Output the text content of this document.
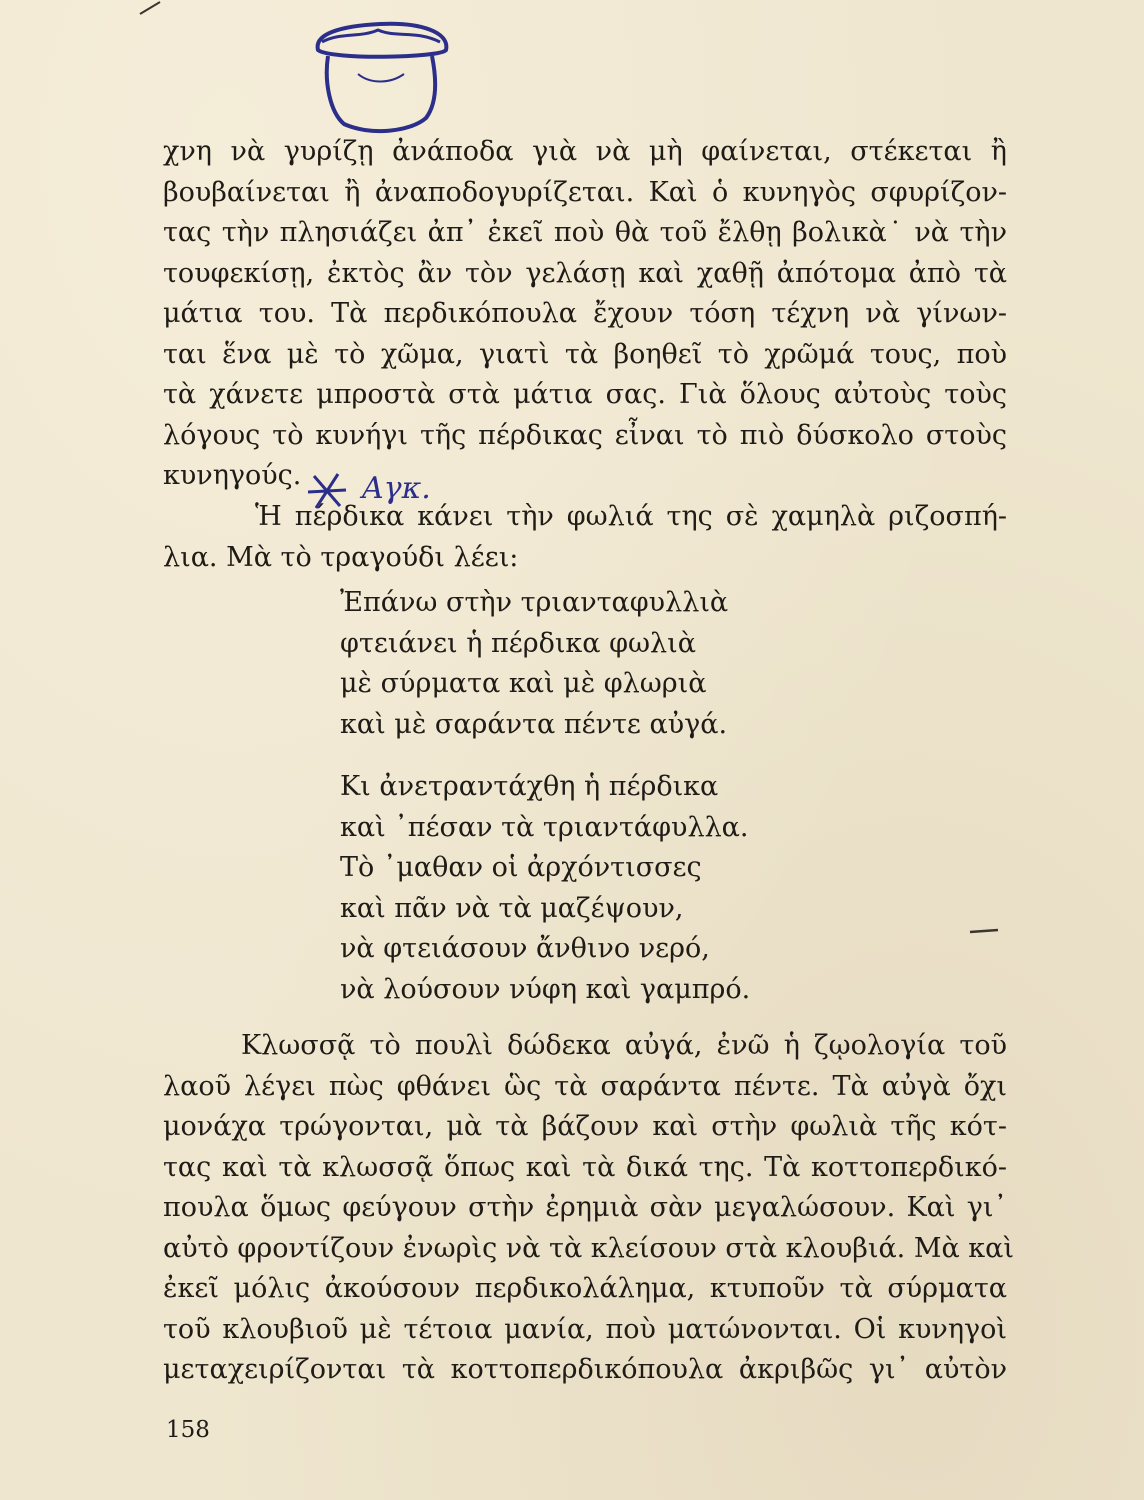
χνη νὰ γυρίζῃ ἀνάποδα γιὰ νὰ μὴ φαίνεται, στέκεται ἢ
βουβαίνεται ἢ ἀναποδογυρίζεται. Καὶ ὁ κυνηγὸς σφυρίζον-
τας τὴν πλησιάζει ἀπ᾽ ἐκεῖ ποὺ θὰ τοῦ ἔλθῃ βολικὰ˙ νὰ τὴν
τουφεκίσῃ, ἐκτὸς ἂν τὸν γελάσῃ καὶ χαθῇ ἀπότομα ἀπὸ τὰ
μάτια του. Τὰ περδικόπουλα ἔχουν τόση τέχνη νὰ γίνων-
ται ἕνα μὲ τὸ χῶμα, γιατὶ τὰ βοηθεῖ τὸ χρῶμά τους, ποὺ
τὰ χάνετε μπροστὰ στὰ μάτια σας. Γιὰ ὅλους αὐτοὺς τοὺς
λόγους τὸ κυνήγι τῆς πέρδικας εἶναι τὸ πιὸ δύσκολο στοὺς
κυνηγούς.	Αγκ.
Ἡ πέρδικα κάνει τὴν φωλιά της σὲ χαμηλὰ ριζοσπή-
λια. Μὰ τὸ τραγούδι λέει:
Ἐπάνω στὴν τριανταφυλλιὰ
φτειάνει ἡ πέρδικα φωλιὰ
μὲ σύρματα καὶ μὲ φλωριὰ
καὶ μὲ σαράντα πέντε αὐγά.
Κι ἀνετραντάχθη ἡ πέρδικα
καὶ ᾽πέσαν τὰ τριαντάφυλλα.
Τὸ ᾽μαθαν οἱ ἀρχόντισσες
καὶ πᾶν νὰ τὰ μαζέψουν,
νὰ φτειάσουν ἄνθινο νερό,
νὰ λούσουν νύφη καὶ γαμπρό.
Κλωσσᾷ τὸ πουλὶ δώδεκα αὐγά, ἐνῶ ἡ ζῳολογία τοῦ
λαοῦ λέγει πὼς φθάνει ὣς τὰ σαράντα πέντε. Τὰ αὐγὰ ὄχι
μονάχα τρώγονται, μὰ τὰ βάζουν καὶ στὴν φωλιὰ τῆς κότ-
τας καὶ τὰ κλωσσᾷ ὅπως καὶ τὰ δικά της. Τὰ κοττοπερδικό-
πουλα ὅμως φεύγουν στὴν ἐρημιὰ σὰν μεγαλώσουν. Καὶ γι᾽
αὐτὸ φροντίζουν ἐνωρὶς νὰ τὰ κλείσουν στὰ κλουβιά. Μὰ καὶ
ἐκεῖ μόλις ἀκούσουν περδικολάλημα, κτυποῦν τὰ σύρματα
τοῦ κλουβιοῦ μὲ τέτοια μανία, ποὺ ματώνονται. Οἱ κυνηγοὶ
μεταχειρίζονται τὰ κοττοπερδικόπουλα ἀκριβῶς γι᾽ αὐτὸν
158
